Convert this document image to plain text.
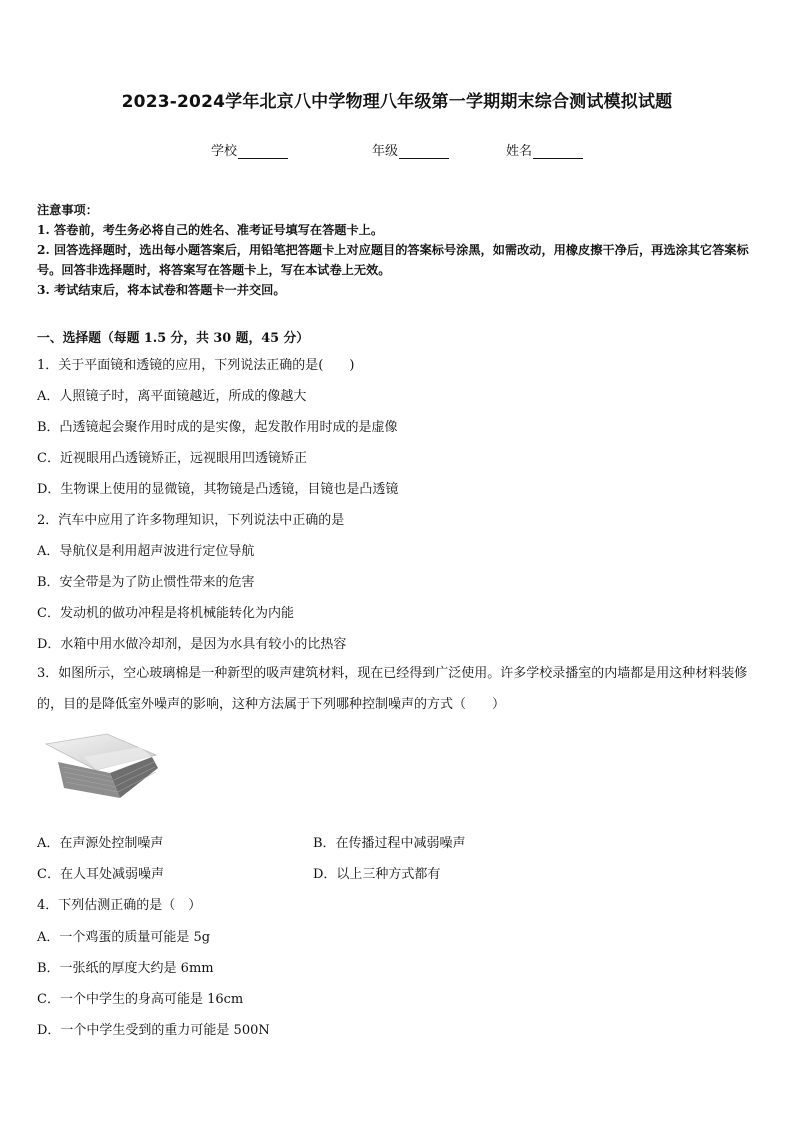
2023-2024学年北京八中学物理八年级第一学期期末综合测试模拟试题
学校	年级	姓名

注意事项：

1. 答卷前，考生务必将自己的姓名、准考证号填写在答题卡上。

2. 回答选择题时，选出每小题答案后，用铅笔把答题卡上对应题目的答案标号涂黑，如需改动，用橡皮擦干净后，再选涂其它答案标号。回答非选择题时，将答案写在答题卡上，写在本试卷上无效。

3. 考试结束后，将本试卷和答题卡一并交回。

一、选择题（每题 1.5 分，共 30 题，45 分）
1．关于平面镜和透镜的应用，下列说法正确的是(　　)
A．人照镜子时，离平面镜越近，所成的像越大
B．凸透镜起会聚作用时成的是实像，起发散作用时成的是虚像
C．近视眼用凸透镜矫正，远视眼用凹透镜矫正
D．生物课上使用的显微镜，其物镜是凸透镜，目镜也是凸透镜
2．汽车中应用了许多物理知识，下列说法中正确的是
A．导航仪是利用超声波进行定位导航
B．安全带是为了防止惯性带来的危害
C．发动机的做功冲程是将机械能转化为内能
D．水箱中用水做冷却剂，是因为水具有较小的比热容
3．如图所示，空心玻璃棉是一种新型的吸声建筑材料，现在已经得到广泛使用。许多学校录播室的内墙都是用这种材料装修的，目的是降低室外噪声的影响，这种方法属于下列哪种控制噪声的方式（　　）
A．在声源处控制噪声	B．在传播过程中减弱噪声
C．在人耳处减弱噪声	D．以上三种方式都有
4．下列估测正确的是（　）
A．一个鸡蛋的质量可能是 5g
B．一张纸的厚度大约是 6mm
C．一个中学生的身高可能是 16cm
D．一个中学生受到的重力可能是 500N
